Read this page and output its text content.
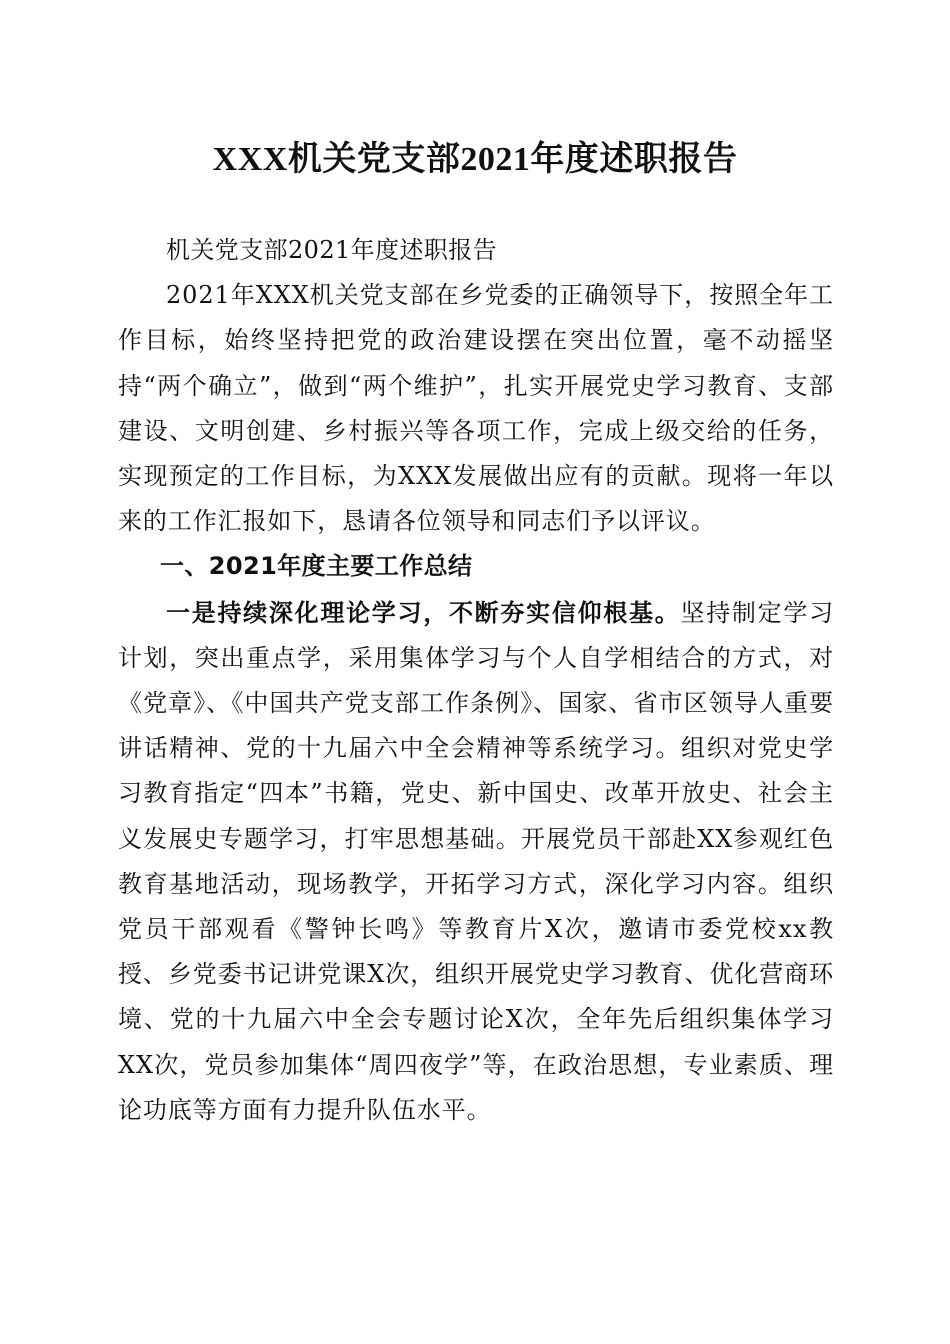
XXX机关党支部2021年度述职报告

机关党支部2021年度述职报告

2021年XXX机关党支部在乡党委的正确领导下，按照全年工作目标，始终坚持把党的政治建设摆在突出位置，毫不动摇坚持“两个确立”，做到“两个维护”，扎实开展党史学习教育、支部建设、文明创建、乡村振兴等各项工作，完成上级交给的任务，实现预定的工作目标，为XXX发展做出应有的贡献。现将一年以来的工作汇报如下，恳请各位领导和同志们予以评议。

一、2021年度主要工作总结

一是持续深化理论学习，不断夯实信仰根基。坚持制定学习计划，突出重点学，采用集体学习与个人自学相结合的方式，对《党章》、《中国共产党支部工作条例》、国家、省市区领导人重要讲话精神、党的十九届六中全会精神等系统学习。组织对党史学习教育指定“四本”书籍，党史、新中国史、改革开放史、社会主义发展史专题学习，打牢思想基础。开展党员干部赴XX参观红色教育基地活动，现场教学，开拓学习方式，深化学习内容。组织党员干部观看《警钟长鸣》等教育片X次，邀请市委党校xx教授、乡党委书记讲党课X次，组织开展党史学习教育、优化营商环境、党的十九届六中全会专题讨论X次，全年先后组织集体学习XX次，党员参加集体“周四夜学”等，在政治思想，专业素质、理论功底等方面有力提升队伍水平。
